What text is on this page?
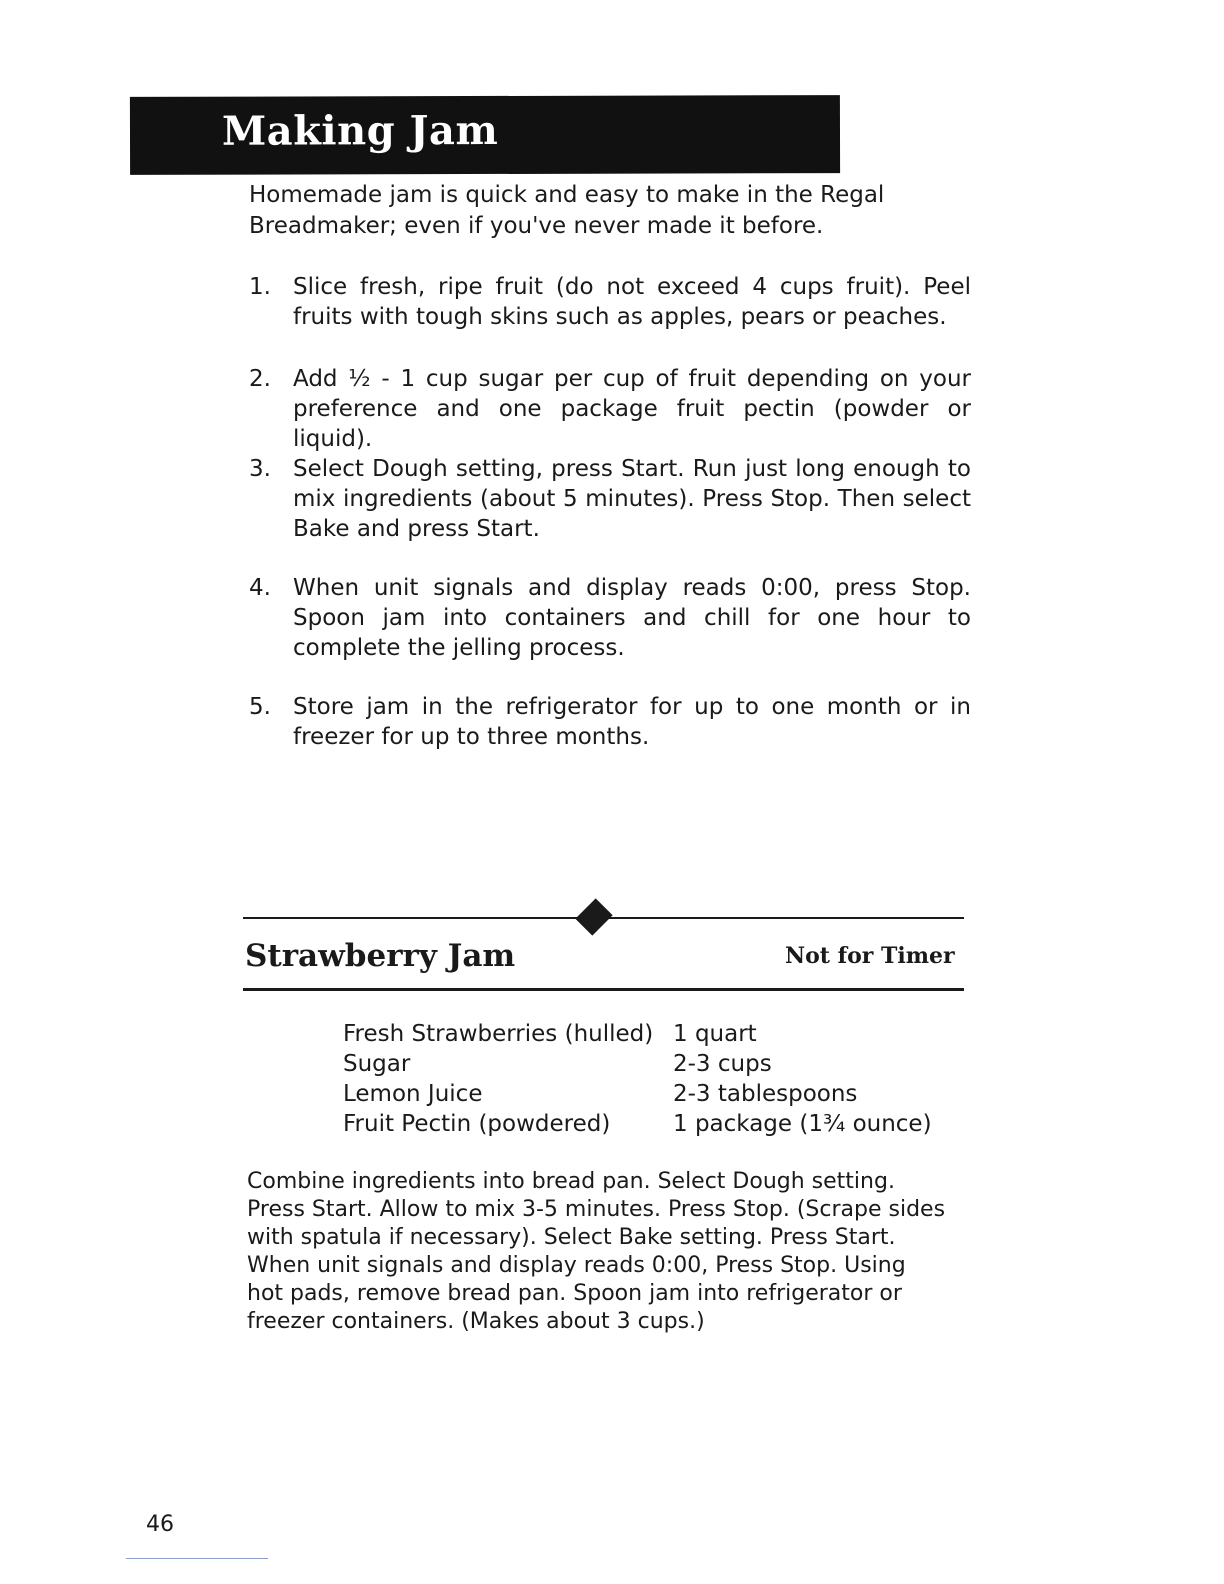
Making Jam

Homemade jam is quick and easy to make in the Regal Breadmaker; even if you've never made it before.

1. Slice fresh, ripe fruit (do not exceed 4 cups fruit). Peel fruits with tough skins such as apples, pears or peaches.
2. Add ½ - 1 cup sugar per cup of fruit depending on your preference and one package fruit pectin (powder or liquid).
3. Select Dough setting, press Start. Run just long enough to mix ingredients (about 5 minutes). Press Stop. Then select Bake and press Start.
4. When unit signals and display reads 0:00, press Stop. Spoon jam into containers and chill for one hour to complete the jelling process.
5. Store jam in the refrigerator for up to one month or in freezer for up to three months.
Strawberry Jam	Not for Timer

Fresh Strawberries (hulled) 1 quart
Sugar	2-3 cups
Lemon Juice	2-3 tablespoons
Fruit Pectin (powdered)	1 package (1¾ ounce)

Combine ingredients into bread pan. Select Dough setting. Press Start. Allow to mix 3-5 minutes. Press Stop. (Scrape sides with spatula if necessary). Select Bake setting. Press Start. When unit signals and display reads 0:00, Press Stop. Using hot pads, remove bread pan. Spoon jam into refrigerator or freezer containers. (Makes about 3 cups.)

46
